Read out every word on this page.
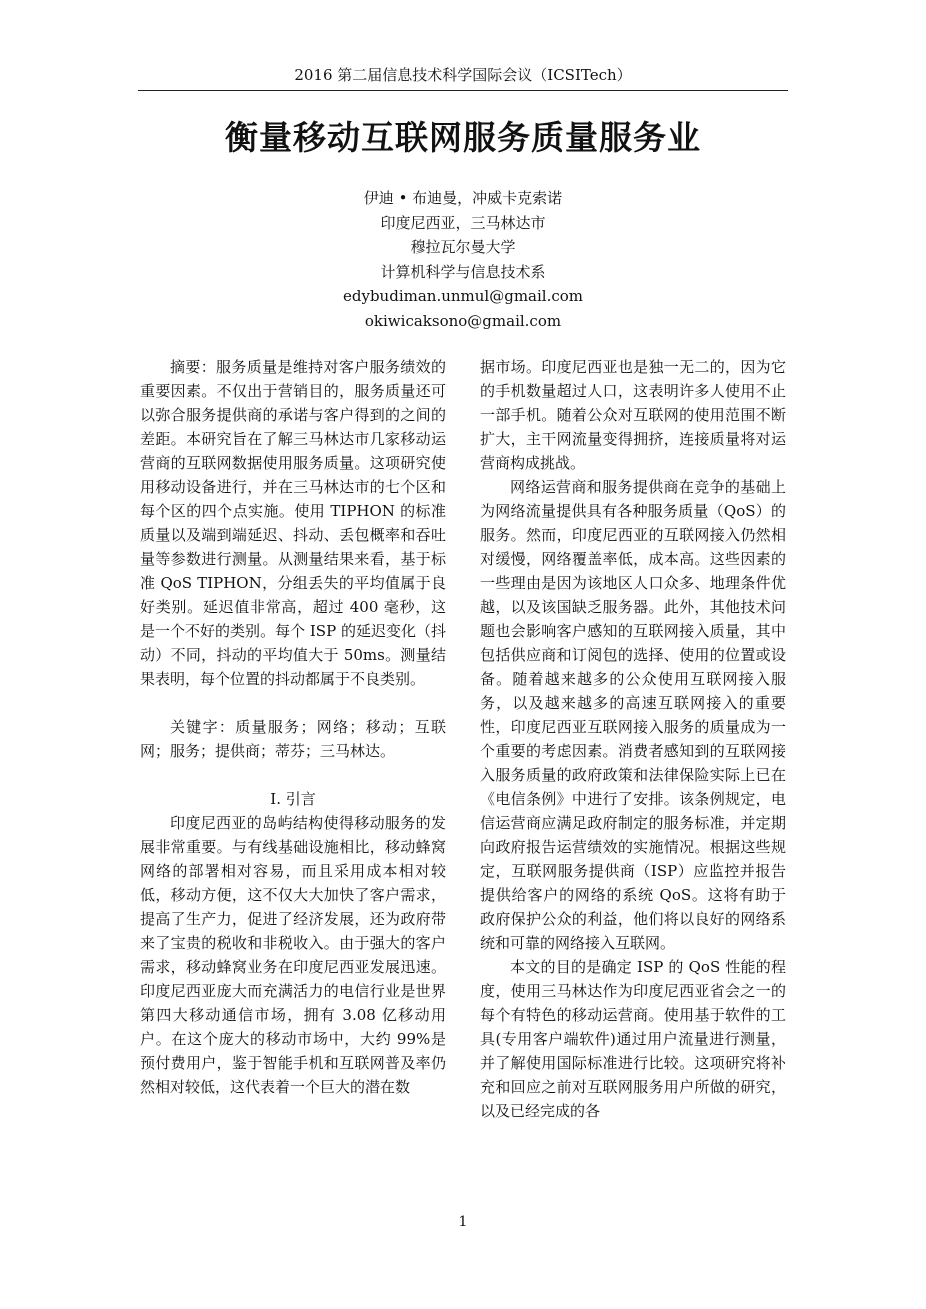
2016 第二届信息技术科学国际会议（ICSITech）
衡量移动互联网服务质量服务业
伊迪 • 布迪曼，冲威卡克索诺
印度尼西亚，三马林达市
穆拉瓦尔曼大学
计算机科学与信息技术系
edybudiman.unmul@gmail.com
okiwicaksono@gmail.com

摘要：服务质量是维持对客户服务绩效的重要因素。不仅出于营销目的，服务质量还可以弥合服务提供商的承诺与客户得到的之间的差距。本研究旨在了解三马林达市几家移动运营商的互联网数据使用服务质量。这项研究使用移动设备进行，并在三马林达市的七个区和每个区的四个点实施。使用 TIPHON 的标准质量以及端到端延迟、抖动、丢包概率和吞吐量等参数进行测量。从测量结果来看，基于标准 QoS TIPHON，分组丢失的平均值属于良好类别。延迟值非常高，超过 400 毫秒，这是一个不好的类别。每个 ISP 的延迟变化（抖动）不同，抖动的平均值大于 50ms。测量结果表明，每个位置的抖动都属于不良类别。

关键字：质量服务；网络；移动；互联网；服务；提供商；蒂芬；三马林达。

I. 引言

印度尼西亚的岛屿结构使得移动服务的发展非常重要。与有线基础设施相比，移动蜂窝网络的部署相对容易，而且采用成本相对较低，移动方便，这不仅大大加快了客户需求，提高了生产力，促进了经济发展，还为政府带来了宝贵的税收和非税收入。由于强大的客户需求，移动蜂窝业务在印度尼西亚发展迅速。印度尼西亚庞大而充满活力的电信行业是世界第四大移动通信市场，拥有 3.08 亿移动用户。在这个庞大的移动市场中，大约 99%是预付费用户，鉴于智能手机和互联网普及率仍然相对较低，这代表着一个巨大的潜在数

据市场。印度尼西亚也是独一无二的，因为它的手机数量超过人口，这表明许多人使用不止一部手机。随着公众对互联网的使用范围不断扩大，主干网流量变得拥挤，连接质量将对运营商构成挑战。

网络运营商和服务提供商在竞争的基础上为网络流量提供具有各种服务质量（QoS）的服务。然而，印度尼西亚的互联网接入仍然相对缓慢，网络覆盖率低，成本高。这些因素的一些理由是因为该地区人口众多、地理条件优越，以及该国缺乏服务器。此外，其他技术问题也会影响客户感知的互联网接入质量，其中包括供应商和订阅包的选择、使用的位置或设备。随着越来越多的公众使用互联网接入服务，以及越来越多的高速互联网接入的重要性，印度尼西亚互联网接入服务的质量成为一个重要的考虑因素。消费者感知到的互联网接入服务质量的政府政策和法律保险实际上已在《电信条例》中进行了安排。该条例规定，电信运营商应满足政府制定的服务标准，并定期向政府报告运营绩效的实施情况。根据这些规定，互联网服务提供商（ISP）应监控并报告提供给客户的网络的系统 QoS。这将有助于政府保护公众的利益，他们将以良好的网络系统和可靠的网络接入互联网。

本文的目的是确定 ISP 的 QoS 性能的程度，使用三马林达作为印度尼西亚省会之一的每个有特色的移动运营商。使用基于软件的工具(专用客户端软件)通过用户流量进行测量，并了解使用国际标准进行比较。这项研究将补充和回应之前对互联网服务用户所做的研究，以及已经完成的各

1
